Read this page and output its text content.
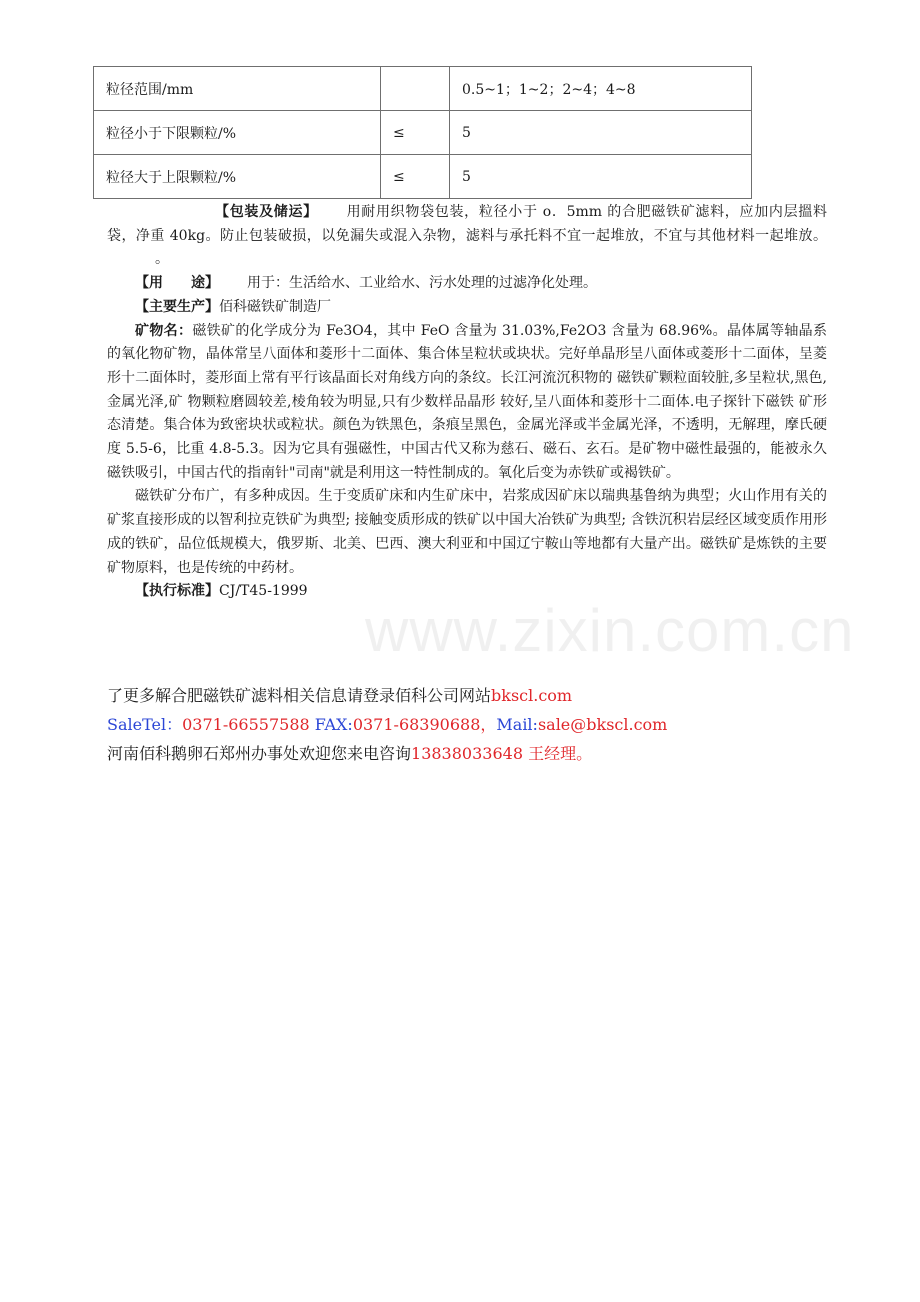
粒径范围/mm		0.5~1；1~2；2~4；4~8
粒径小于下限颗粒/%	≤	5
粒径大于上限颗粒/%	≤	5

【包装及储运】 用耐用织物袋包装，粒径小于 o．5mm 的合肥磁铁矿滤料，应加内层搵料袋，净重 40kg。防止包装破损，以免漏失或混入杂物，滤料与承托料不宜一起堆放，不宜与其他材料一起堆放。。

【用　　途】 用于：生活给水、工业给水、污水处理的过滤净化处理。

【主要生产】佰科磁铁矿制造厂

矿物名：磁铁矿的化学成分为 Fe3O4，其中 FeO 含量为 31.03%,Fe2O3 含量为 68.96%。晶体属等轴晶系的氧化物矿物，晶体常呈八面体和菱形十二面体、集合体呈粒状或块状。完好单晶形呈八面体或菱形十二面体，呈菱形十二面体时，菱形面上常有平行该晶面长对角线方向的条纹。长江河流沉积物的 磁铁矿颗粒面较脏,多呈粒状,黑色,金属光泽,矿 物颗粒磨圆较差,棱角较为明显,只有少数样品晶形 较好,呈八面体和菱形十二面体.电子探针下磁铁 矿形态清楚。集合体为致密块状或粒状。颜色为铁黑色，条痕呈黑色，金属光泽或半金属光泽，不透明，无解理，摩氏硬度 5.5-6，比重 4.8-5.3。因为它具有强磁性，中国古代又称为慈石、磁石、玄石。是矿物中磁性最强的，能被永久磁铁吸引，中国古代的指南针"司南"就是利用这一特性制成的。氧化后变为赤铁矿或褐铁矿。

磁铁矿分布广，有多种成因。生于变质矿床和内生矿床中，岩浆成因矿床以瑞典基鲁纳为典型；火山作用有关的矿浆直接形成的以智利拉克铁矿为典型; 接触变质形成的铁矿以中国大冶铁矿为典型; 含铁沉积岩层经区域变质作用形成的铁矿，品位低规模大，俄罗斯、北美、巴西、澳大利亚和中国辽宁鞍山等地都有大量产出。磁铁矿是炼铁的主要矿物原料，也是传统的中药材。

【执行标准】CJ/T45-1999

www.zixin.com.cn

了更多解合肥磁铁矿滤料相关信息请登录佰科公司网站bkscl.com

SaleTel：0371-66557588 FAX:0371-68390688，Mail:sale@bkscl.com

河南佰科鹅卵石郑州办事处欢迎您来电咨询13838033648 王经理。
